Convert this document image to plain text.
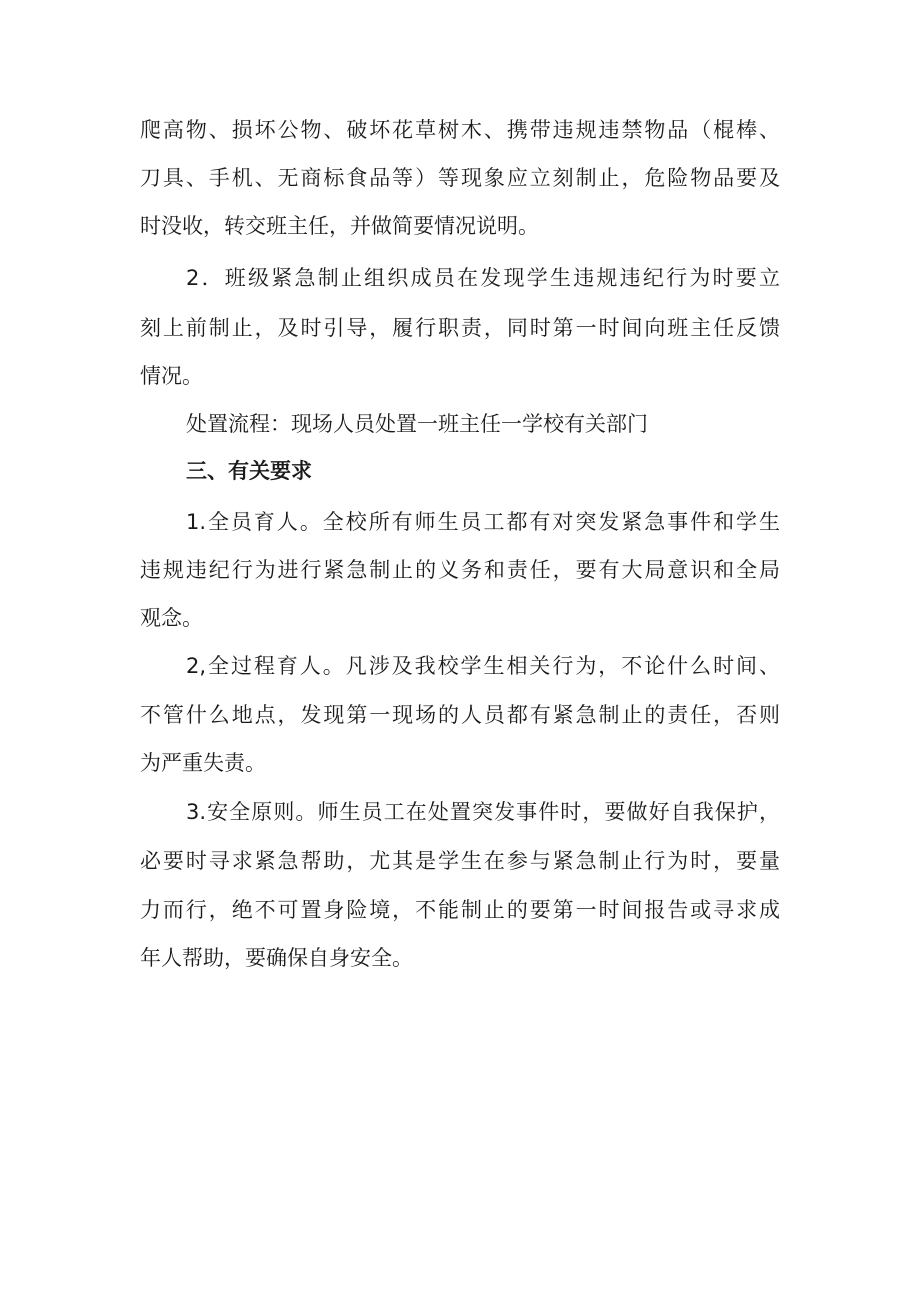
爬高物、损坏公物、破坏花草树木、携带违规违禁物品（棍棒、
刀具、手机、无商标食品等）等现象应立刻制止，危险物品要及
时没收，转交班主任，并做简要情况说明。
2．班级紧急制止组织成员在发现学生违规违纪行为时要立
刻上前制止，及时引导，履行职责，同时第一时间向班主任反馈
情况。
处置流程：现场人员处置一班主任一学校有关部门
三、有关要求
1.全员育人。全校所有师生员工都有对突发紧急事件和学生
违规违纪行为进行紧急制止的义务和责任，要有大局意识和全局
观念。
2,全过程育人。凡涉及我校学生相关行为，不论什么时间、
不管什么地点，发现第一现场的人员都有紧急制止的责任，否则
为严重失责。
3.安全原则。师生员工在处置突发事件时，要做好自我保护，
必要时寻求紧急帮助，尤其是学生在参与紧急制止行为时，要量
力而行，绝不可置身险境，不能制止的要第一时间报告或寻求成
年人帮助，要确保自身安全。
